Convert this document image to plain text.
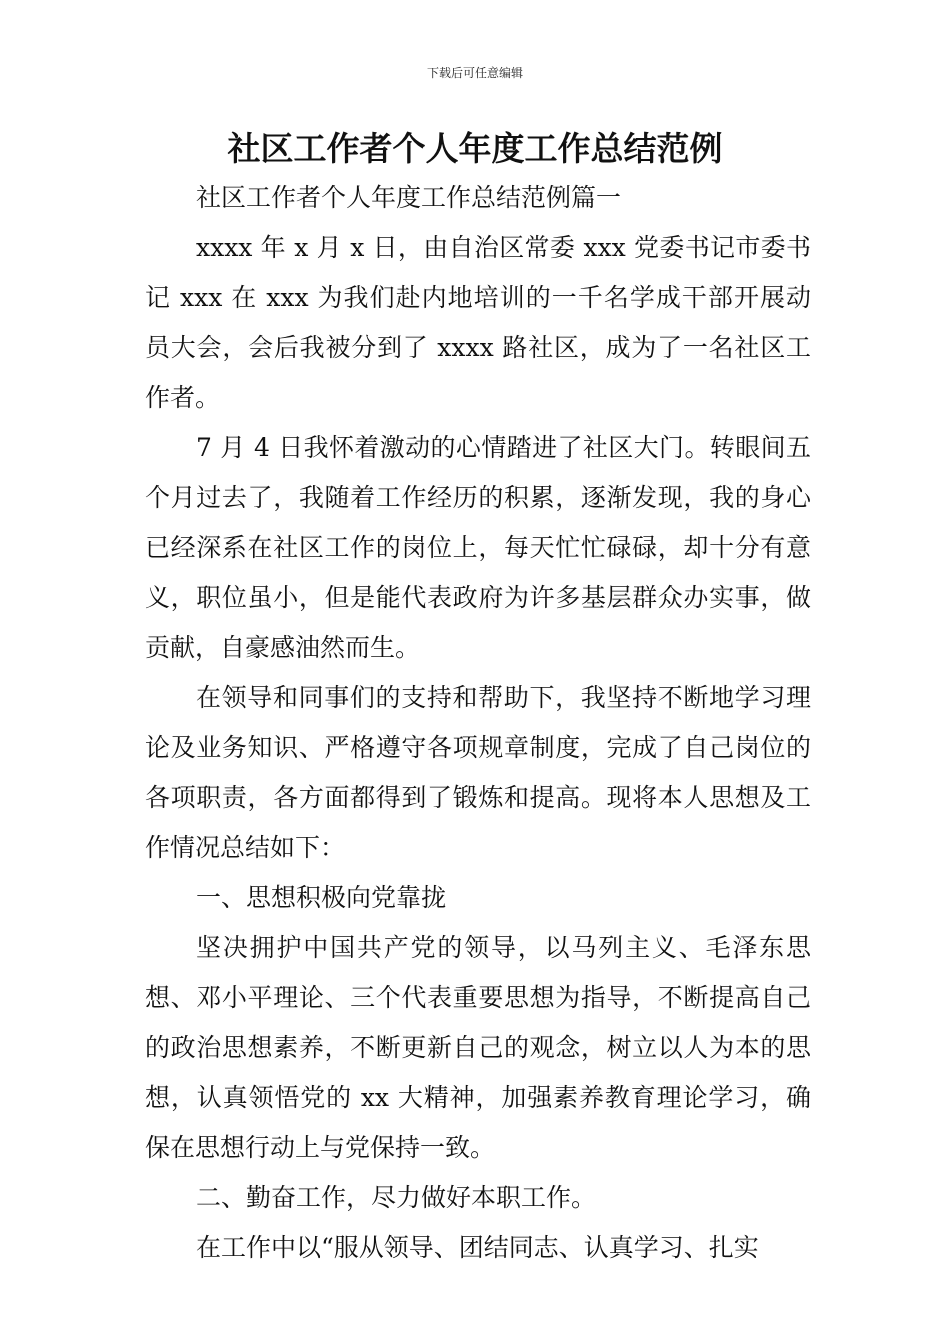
下载后可任意编辑
社区工作者个人年度工作总结范例

社区工作者个人年度工作总结范例篇一

xxxx 年 x 月 x 日，由自治区常委 xxx 党委书记市委书记 xxx 在 xxx 为我们赴内地培训的一千名学成干部开展动员大会，会后我被分到了 xxxx 路社区，成为了一名社区工作者。

7 月 4 日我怀着激动的心情踏进了社区大门。转眼间五个月过去了，我随着工作经历的积累，逐渐发现，我的身心已经深系在社区工作的岗位上，每天忙忙碌碌，却十分有意义，职位虽小，但是能代表政府为许多基层群众办实事，做贡献，自豪感油然而生。

在领导和同事们的支持和帮助下，我坚持不断地学习理论及业务知识、严格遵守各项规章制度，完成了自己岗位的各项职责，各方面都得到了锻炼和提高。现将本人思想及工作情况总结如下：

一、思想积极向党靠拢

坚决拥护中国共产党的领导，以马列主义、毛泽东思想、邓小平理论、三个代表重要思想为指导，不断提高自己的政治思想素养，不断更新自己的观念，树立以人为本的思想，认真领悟党的 xx 大精神，加强素养教育理论学习，确保在思想行动上与党保持一致。

二、勤奋工作，尽力做好本职工作。

在工作中以“服从领导、团结同志、认真学习、扎实
